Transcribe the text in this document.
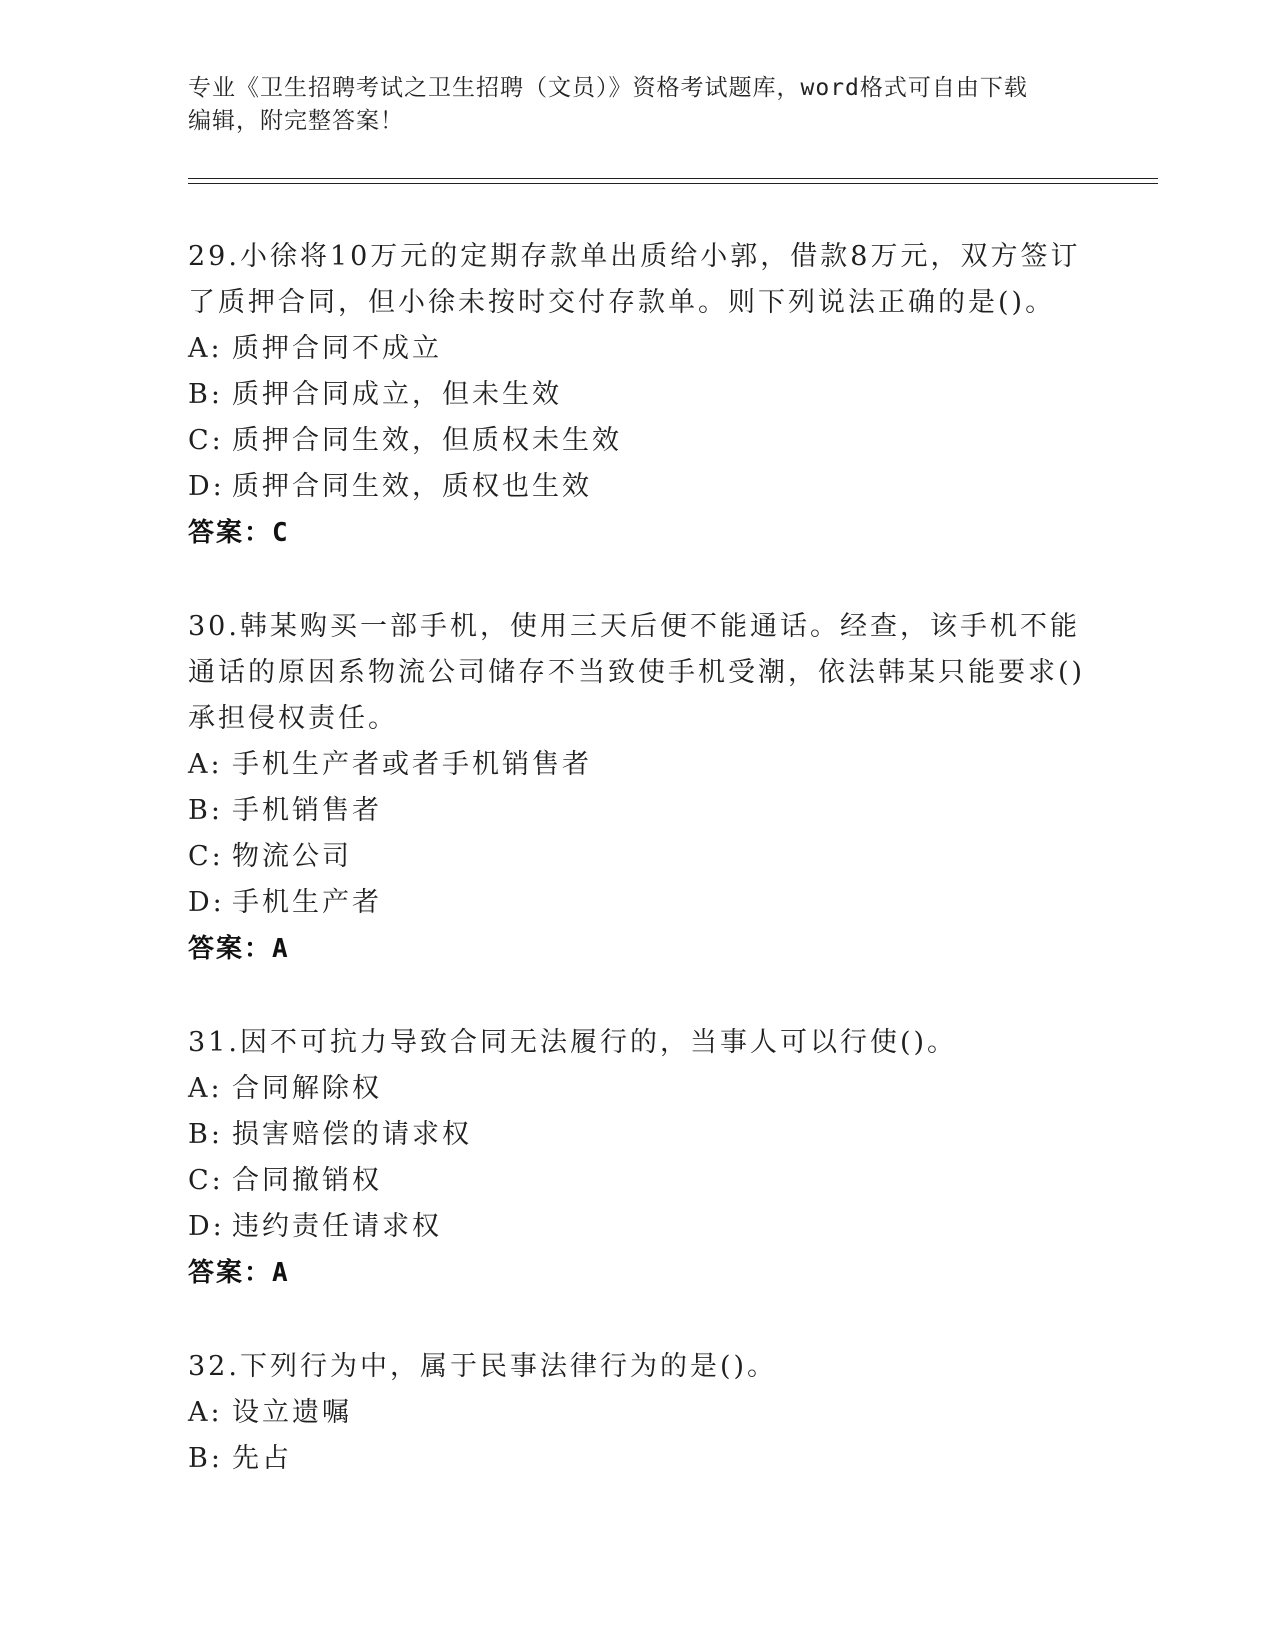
专业《卫生招聘考试之卫生招聘（文员）》资格考试题库，word格式可自由下载
编辑，附完整答案！
29.小徐将10万元的定期存款单出质给小郭，借款8万元，双方签订了质押合同，但小徐未按时交付存款单。则下列说法正确的是()。
A: 质押合同不成立
B: 质押合同成立，但未生效
C: 质押合同生效，但质权未生效
D: 质押合同生效，质权也生效
答案：C
30.韩某购买一部手机，使用三天后便不能通话。经查，该手机不能通话的原因系物流公司储存不当致使手机受潮，依法韩某只能要求()承担侵权责任。
A: 手机生产者或者手机销售者
B: 手机销售者
C: 物流公司
D: 手机生产者
答案：A
31.因不可抗力导致合同无法履行的，当事人可以行使()。
A: 合同解除权
B: 损害赔偿的请求权
C: 合同撤销权
D: 违约责任请求权
答案：A
32.下列行为中，属于民事法律行为的是()。
A: 设立遗嘱
B: 先占
